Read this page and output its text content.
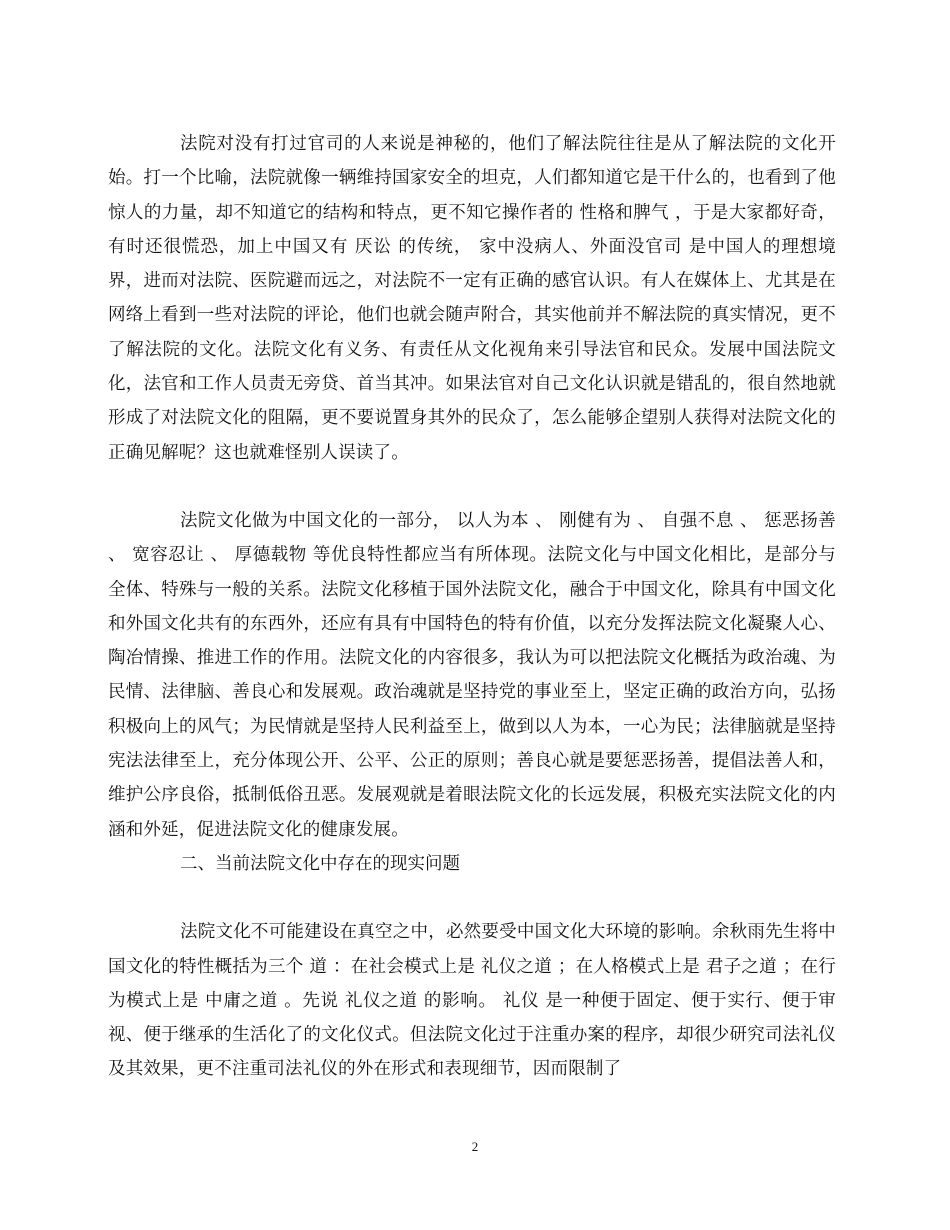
法院对没有打过官司的人来说是神秘的，他们了解法院往往是从了解法院的文化开始。打一个比喻，法院就像一辆维持国家安全的坦克，人们都知道它是干什么的，也看到了他惊人的力量，却不知道它的结构和特点，更不知它操作者的 性格和脾气 ，于是大家都好奇，有时还很慌恐，加上中国又有 厌讼 的传统， 家中没病人、外面没官司 是中国人的理想境界，进而对法院、医院避而远之，对法院不一定有正确的感官认识。有人在媒体上、尤其是在网络上看到一些对法院的评论，他们也就会随声附合，其实他前并不解法院的真实情况，更不了解法院的文化。法院文化有义务、有责任从文化视角来引导法官和民众。发展中国法院文化，法官和工作人员责无旁贷、首当其冲。如果法官对自己文化认识就是错乱的，很自然地就形成了对法院文化的阻隔，更不要说置身其外的民众了，怎么能够企望别人获得对法院文化的正确见解呢？这也就难怪别人误读了。

法院文化做为中国文化的一部分， 以人为本 、 刚健有为 、 自强不息 、 惩恶扬善 、 宽容忍让 、 厚德载物 等优良特性都应当有所体现。法院文化与中国文化相比，是部分与全体、特殊与一般的关系。法院文化移植于国外法院文化，融合于中国文化，除具有中国文化和外国文化共有的东西外，还应有具有中国特色的特有价值，以充分发挥法院文化凝聚人心、陶冶情操、推进工作的作用。法院文化的内容很多，我认为可以把法院文化概括为政治魂、为民情、法律脑、善良心和发展观。政治魂就是坚持党的事业至上，坚定正确的政治方向，弘扬积极向上的风气；为民情就是坚持人民利益至上，做到以人为本，一心为民；法律脑就是坚持宪法法律至上，充分体现公开、公平、公正的原则；善良心就是要惩恶扬善，提倡法善人和，维护公序良俗，抵制低俗丑恶。发展观就是着眼法院文化的长远发展，积极充实法院文化的内涵和外延，促进法院文化的健康发展。

二、当前法院文化中存在的现实问题

法院文化不可能建设在真空之中，必然要受中国文化大环境的影响。余秋雨先生将中国文化的特性概括为三个 道 ：在社会模式上是 礼仪之道 ；在人格模式上是 君子之道 ；在行为模式上是 中庸之道 。先说 礼仪之道 的影响。 礼仪 是一种便于固定、便于实行、便于审视、便于继承的生活化了的文化仪式。但法院文化过于注重办案的程序，却很少研究司法礼仪及其效果，更不注重司法礼仪的外在形式和表现细节，因而限制了

2
